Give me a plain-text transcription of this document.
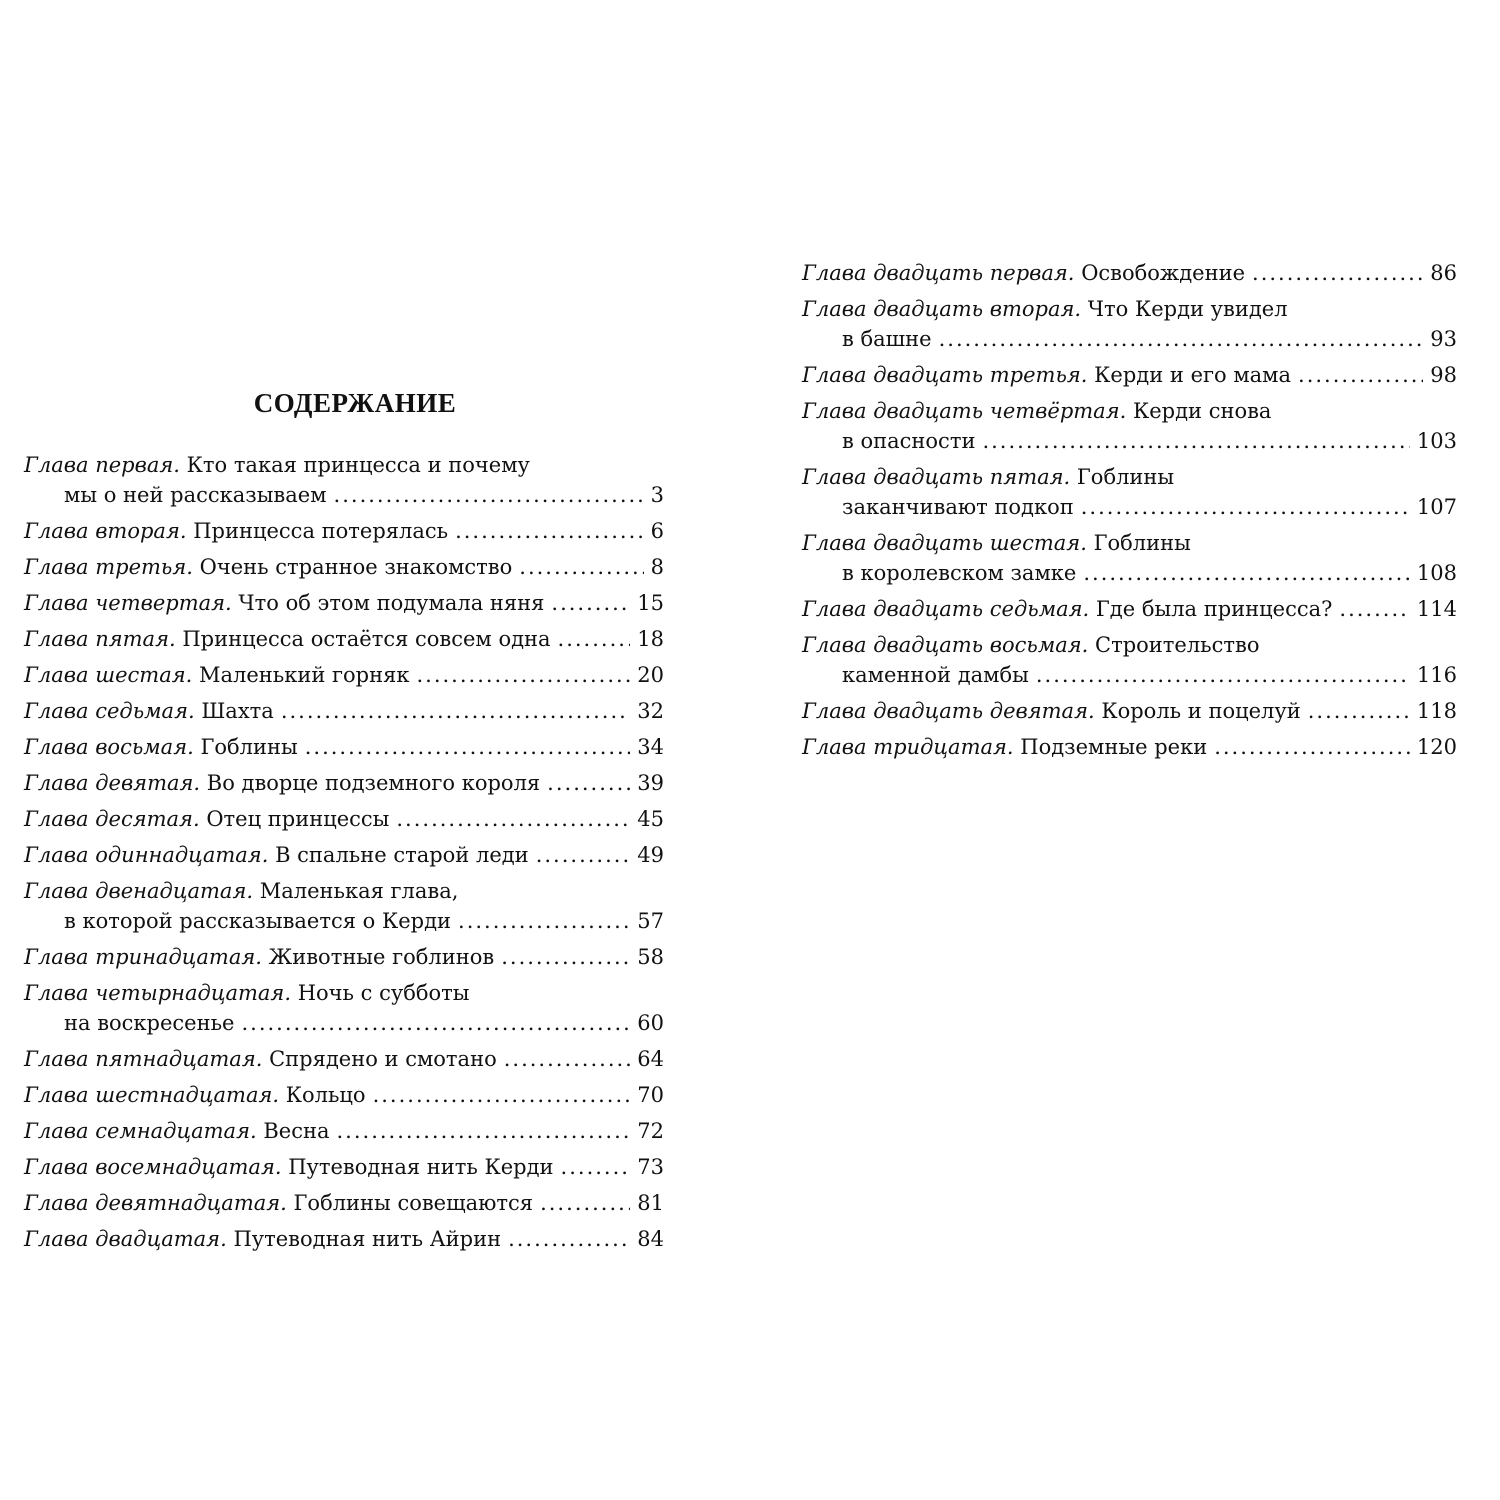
СОДЕРЖАНИЕ
Глава первая.
Кто такая принцесса и почему
мы о ней рассказываем .....	3
Глава вторая.
Принцесса потерялась .....	6
Глава третья.
Очень странное знакомство .....	8
Глава четвертая.
Что об этом подумала няня .....	15
Глава пятая.
Принцесса остаётся совсем одна .....	18
Глава шестая.
Маленький горняк .....	20
Глава седьмая.
Шахта .....	32
Глава восьмая.
Гоблины .....	34
Глава девятая.
Во дворце подземного короля .....	39
Глава десятая.
Отец принцессы .....	45
Глава одиннадцатая.
В спальне старой леди .....	49
Глава двенадцатая.
Маленькая глава,
в которой рассказывается о Керди .....	57
Глава тринадцатая.
Животные гоблинов .....	58
Глава четырнадцатая.
Ночь с субботы
на воскресенье .....	60
Глава пятнадцатая.
Спрядено и смотано .....	64
Глава шестнадцатая.
Кольцо .....	70
Глава семнадцатая.
Весна .....	72
Глава восемнадцатая.
Путеводная нить Керди .....	73
Глава девятнадцатая.
Гоблины совещаются .....	81
Глава двадцатая.
Путеводная нить Айрин .....	84
Глава двадцать первая.
Освобождение .....	86
Глава двадцать вторая.
Что Керди увидел
в башне .....	93
Глава двадцать третья.
Керди и его мама .....	98
Глава двадцать четвёртая.
Керди снова
в опасности .....	103
Глава двадцать пятая.
Гоблины
заканчивают подкоп .....	107
Глава двадцать шестая.
Гоблины
в королевском замке .....	108
Глава двадцать седьмая.
Где была принцесса? .....	114
Глава двадцать восьмая.
Строительство
каменной дамбы .....	116
Глава двадцать девятая.
Король и поцелуй .....	118
Глава тридцатая.
Подземные реки .....	120
